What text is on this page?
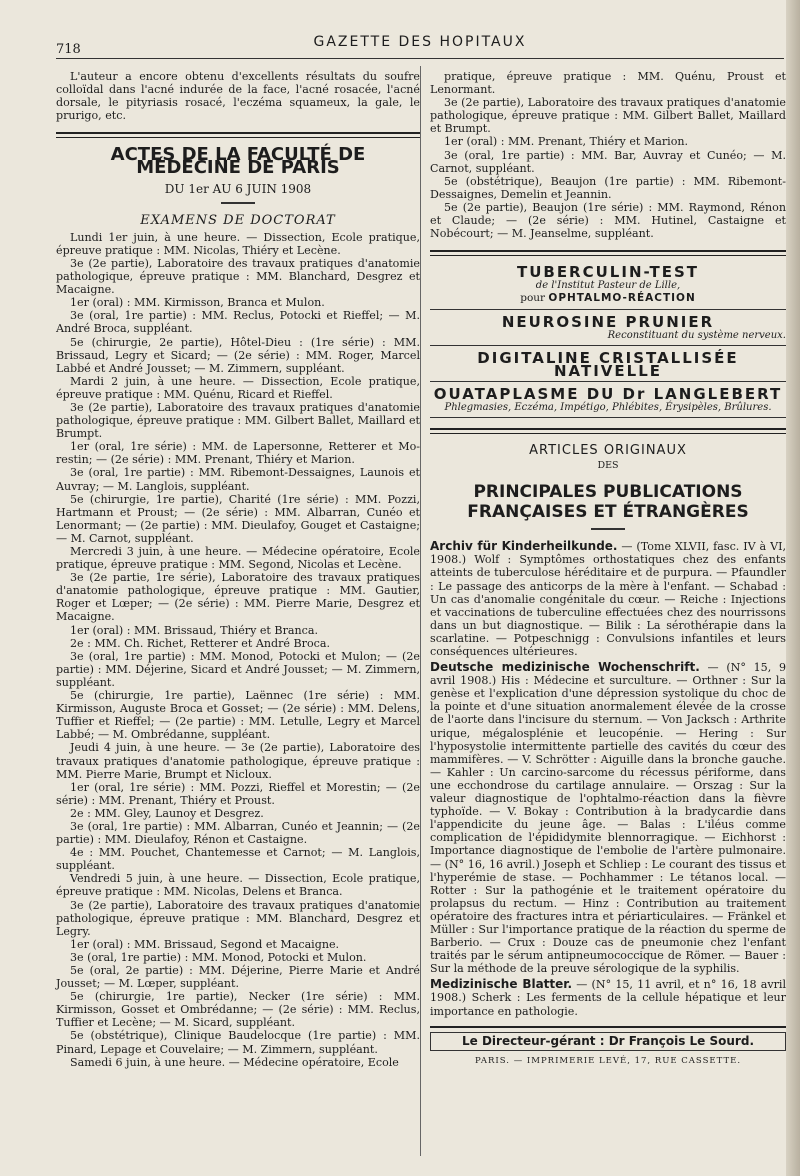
718	GAZETTE DES HOPITAUX

L'auteur a encore obtenu d'excellents résultats du soufre colloïdal dans l'acné indurée de la face, l'acné rosacée, l'acné dorsale, le pityriasis rosacé, l'eczéma squameux, la gale, le prurigo, etc.

ACTES DE LA FACULTÉ DE MÉDECINE DE PARIS
DU 1er AU 6 JUIN 1908
EXAMENS DE DOCTORAT

Lundi 1er juin, à une heure. — Dissection, Ecole pratique, épreuve pratique : MM. Nicolas, Thiéry et Lecène.

3e (2e partie), Laboratoire des travaux pratiques d'anatomie pathologique, épreuve pratique : MM. Blanchard, Desgrez et Macaigne.

1er (oral) : MM. Kirmisson, Branca et Mulon.

3e (oral, 1re partie) : MM. Reclus, Potocki et Rieffel; — M. André Broca, suppléant.

5e (chirurgie, 2e partie), Hôtel-Dieu : (1re série) : MM. Brissaud, Legry et Sicard; — (2e série) : MM. Roger, Marcel Labbé et André Jousset; — M. Zimmern, suppléant.

Mardi 2 juin, à une heure. — Dissection, Ecole pratique, épreuve pratique : MM. Quénu, Ricard et Rieffel.

3e (2e partie), Laboratoire des travaux pratiques d'anatomie pathologique, épreuve pratique : MM. Gilbert Ballet, Maillard et Brumpt.

1er (oral, 1re série) : MM. de Lapersonne, Retterer et Mo-restin; — (2e série) : MM. Prenant, Thiéry et Marion.

3e (oral, 1re partie) : MM. Ribemont-Dessaignes, Launois et Auvray; — M. Langlois, suppléant.

5e (chirurgie, 1re partie), Charité (1re série) : MM. Pozzi, Hartmann et Proust; — (2e série) : MM. Albarran, Cunéo et Lenormant; — (2e partie) : MM. Dieulafoy, Gouget et Castaigne; — M. Carnot, suppléant.

Mercredi 3 juin, à une heure. — Médecine opératoire, Ecole pratique, épreuve pratique : MM. Segond, Nicolas et Lecène.

3e (2e partie, 1re série), Laboratoire des travaux pratiques d'anatomie pathologique, épreuve pratique : MM. Gautier, Roger et Lœper; — (2e série) : MM. Pierre Marie, Desgrez et Macaigne.

1er (oral) : MM. Brissaud, Thiéry et Branca.

2e : MM. Ch. Richet, Retterer et André Broca.

3e (oral, 1re partie) : MM. Monod, Potocki et Mulon; — (2e partie) : MM. Déjerine, Sicard et André Jousset; — M. Zimmern, suppléant.

5e (chirurgie, 1re partie), Laënnec (1re série) : MM. Kirmisson, Auguste Broca et Gosset; — (2e série) : MM. Delens, Tuffier et Rieffel; — (2e partie) : MM. Letulle, Legry et Marcel Labbé; — M. Ombrédanne, suppléant.

Jeudi 4 juin, à une heure. — 3e (2e partie), Laboratoire des travaux pratiques d'anatomie pathologique, épreuve pratique : MM. Pierre Marie, Brumpt et Nicloux.

1er (oral, 1re série) : MM. Pozzi, Rieffel et Morestin; — (2e série) : MM. Prenant, Thiéry et Proust.

2e : MM. Gley, Launoy et Desgrez.

3e (oral, 1re partie) : MM. Albarran, Cunéo et Jeannin; — (2e partie) : MM. Dieulafoy, Rénon et Castaigne.

4e : MM. Pouchet, Chantemesse et Carnot; — M. Langlois, suppléant.

Vendredi 5 juin, à une heure. — Dissection, Ecole pratique, épreuve pratique : MM. Nicolas, Delens et Branca.

3e (2e partie), Laboratoire des travaux pratiques d'anatomie pathologique, épreuve pratique : MM. Blanchard, Desgrez et Legry.

1er (oral) : MM. Brissaud, Segond et Macaigne.

3e (oral, 1re partie) : MM. Monod, Potocki et Mulon.

5e (oral, 2e partie) : MM. Déjerine, Pierre Marie et André Jousset; — M. Lœper, suppléant.

5e (chirurgie, 1re partie), Necker (1re série) : MM. Kirmisson, Gosset et Ombrédanne; — (2e série) : MM. Reclus, Tuffier et Lecène; — M. Sicard, suppléant.

5e (obstétrique), Clinique Baudelocque (1re partie) : MM. Pinard, Lepage et Couvelaire; — M. Zimmern, suppléant.

Samedi 6 juin, à une heure. — Médecine opératoire, Ecole

pratique, épreuve pratique : MM. Quénu, Proust et Lenormant.

3e (2e partie), Laboratoire des travaux pratiques d'anatomie pathologique, épreuve pratique : MM. Gilbert Ballet, Maillard et Brumpt.

1er (oral) : MM. Prenant, Thiéry et Marion.

3e (oral, 1re partie) : MM. Bar, Auvray et Cunéo; — M. Carnot, suppléant.

5e (obstétrique), Beaujon (1re partie) : MM. Ribemont-Dessaignes, Demelin et Jeannin.

5e (2e partie), Beaujon (1re série) : MM. Raymond, Rénon et Claude; — (2e série) : MM. Hutinel, Castaigne et Nobécourt; — M. Jeanselme, suppléant.

TUBERCULIN-TEST
de l'Institut Pasteur de Lille,
pour OPHTALMO-RÉACTION
NEUROSINE PRUNIER
Reconstituant du système nerveux.
DIGITALINE CRISTALLISÉE NATIVELLE
OUATAPLASME DU Dr LANGLEBERT
Phlegmasies, Eczéma, Impétigo, Phlébites, Érysipèles, Brûlures.
ARTICLES ORIGINAUX
DES
PRINCIPALES PUBLICATIONS FRANÇAISES ET ÉTRANGÈRES

Archiv für Kinderheilkunde. — (Tome XLVII, fasc. IV à VI, 1908.) Wolf : Symptômes orthostatiques chez des enfants atteints de tuberculose héréditaire et de purpura. — Pfaundler : Le passage des anticorps de la mère à l'enfant. — Schabad : Un cas d'anomalie congénitale du cœur. — Reiche : Injections et vaccinations de tuberculine effectuées chez des nourrissons dans un but diagnostique. — Bilik : La sérothérapie dans la scarlatine. — Potpeschnigg : Convulsions infantiles et leurs conséquences ultérieures.

Deutsche medizinische Wochenschrift. — (N° 15, 9 avril 1908.) His : Médecine et surculture. — Orthner : Sur la genèse et l'explication d'une dépression systolique du choc de la pointe et d'une situation anormalement élevée de la crosse de l'aorte dans l'incisure du sternum. — Von Jacksch : Arthrite urique, mégalosplénie et leucopénie. — Hering : Sur l'hyposystolie intermittente partielle des cavités du cœur des mammifères. — V. Schrötter : Aiguille dans la bronche gauche. — Kahler : Un carcino-sarcome du récessus périforme, dans une ecchondrose du cartilage annulaire. — Orszag : Sur la valeur diagnostique de l'ophtalmo-réaction dans la fièvre typhoïde. — V. Bokay : Contribution à la bradycardie dans l'appendicite du jeune âge. — Balas : L'iléus comme complication de l'épididymite blennorragique. — Eichhorst : Importance diagnostique de l'embolie de l'artère pulmonaire. — (N° 16, 16 avril.) Joseph et Schliep : Le courant des tissus et l'hyperémie de stase. — Pochhammer : Le tétanos local. — Rotter : Sur la pathogénie et le traitement opératoire du prolapsus du rectum. — Hinz : Contribution au traitement opératoire des fractures intra et périarticulaires. — Fränkel et Müller : Sur l'importance pratique de la réaction du sperme de Barberio. — Crux : Douze cas de pneumonie chez l'enfant traités par le sérum antipneumococcique de Römer. — Bauer : Sur la méthode de la preuve sérologique de la syphilis.

Medizinische Blatter. — (N° 15, 11 avril, et n° 16, 18 avril 1908.) Scherk : Les ferments de la cellule hépatique et leur importance en pathologie.

Le Directeur-gérant : Dr François Le Sourd.
PARIS. — IMPRIMERIE LEVÉ, 17, RUE CASSETTE.
